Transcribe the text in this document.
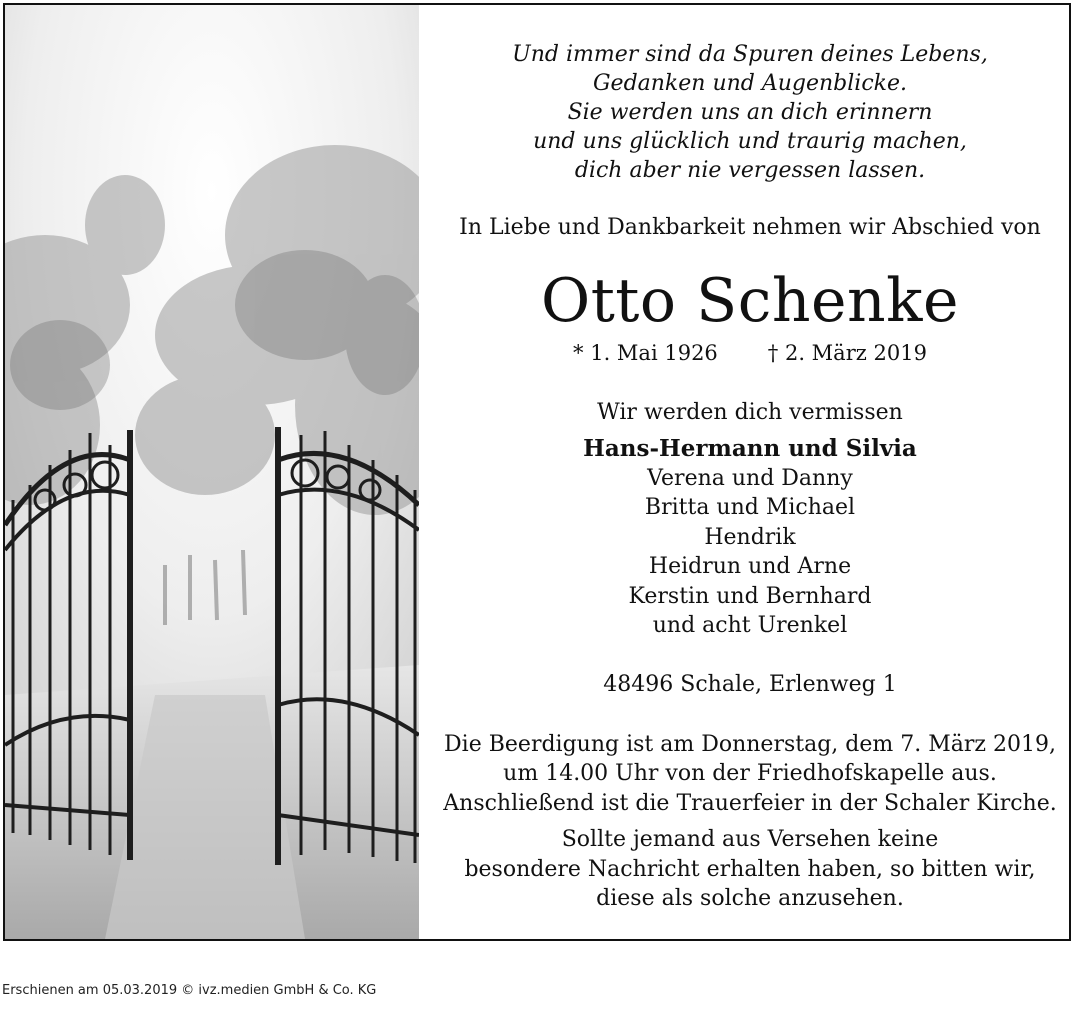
Und immer sind da Spuren deines Lebens,
Gedanken und Augenblicke.
Sie werden uns an dich erinnern
und uns glücklich und traurig machen,
dich aber nie vergessen lassen.
In Liebe und Dankbarkeit nehmen wir Abschied von
Otto Schenke
* 1. Mai 1926 † 2. März 2019
Wir werden dich vermissen
Hans-Hermann und Silvia
Verena und Danny
Britta und Michael
Hendrik
Heidrun und Arne
Kerstin und Bernhard
und acht Urenkel
48496 Schale, Erlenweg 1
Die Beerdigung ist am Donnerstag, dem 7. März 2019,
um 14.00 Uhr von der Friedhofskapelle aus.
Anschließend ist die Trauerfeier in der Schaler Kirche.
Sollte jemand aus Versehen keine
besondere Nachricht erhalten haben, so bitten wir,
diese als solche anzusehen.
Erschienen am 05.03.2019 © ivz.medien GmbH & Co. KG
